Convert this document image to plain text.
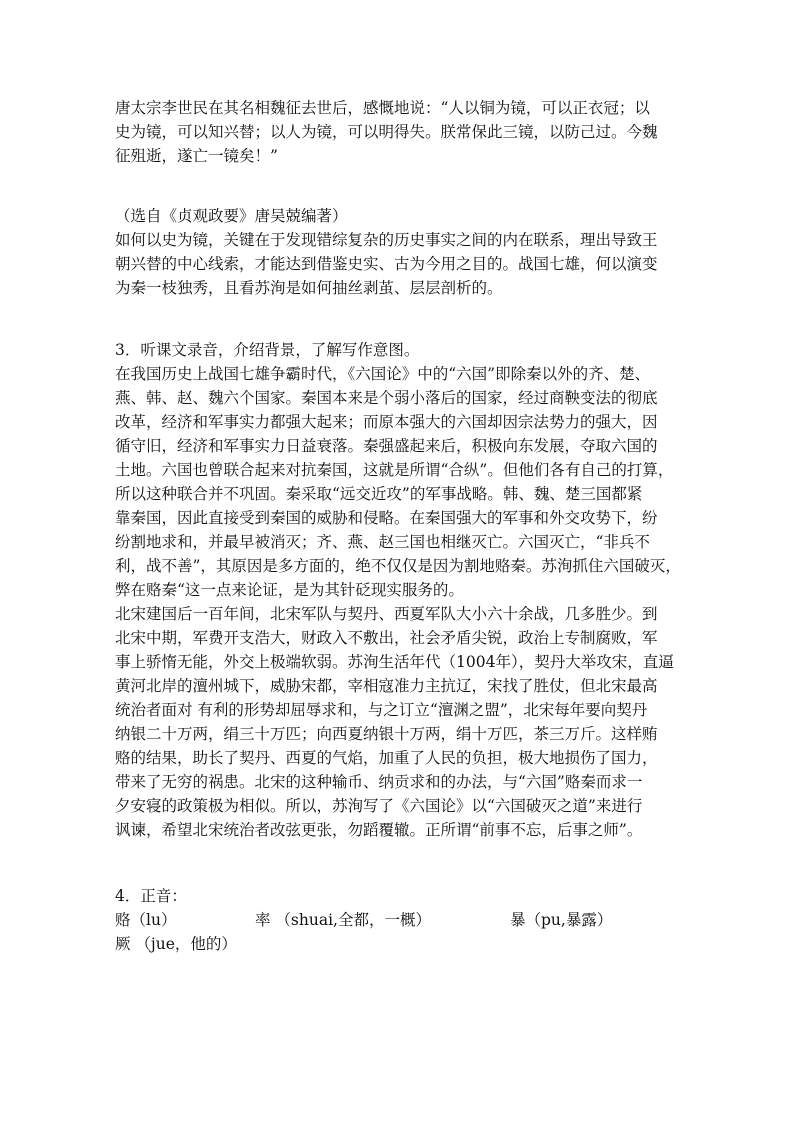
唐太宗李世民在其名相魏征去世后，感慨地说：“人以铜为镜，可以正衣冠；以
史为镜，可以知兴替；以人为镜，可以明得失。朕常保此三镜，以防己过。今魏
征殂逝，遂亡一镜矣！”
（选自《贞观政要》唐吴兢编著）
如何以史为镜，关键在于发现错综复杂的历史事实之间的内在联系，理出导致王
朝兴替的中心线索，才能达到借鉴史实、古为今用之目的。战国七雄，何以演变
为秦一枝独秀，且看苏洵是如何抽丝剥茧、层层剖析的。
3．听课文录音，介绍背景，了解写作意图。
在我国历史上战国七雄争霸时代，《六国论》中的“六国”即除秦以外的齐、楚、
燕、韩、赵、魏六个国家。秦国本来是个弱小落后的国家，经过商鞅变法的彻底
改革，经济和军事实力都强大起来；而原本强大的六国却因宗法势力的强大，因
循守旧，经济和军事实力日益衰落。秦强盛起来后，积极向东发展，夺取六国的
土地。六国也曾联合起来对抗秦国，这就是所谓“合纵”。但他们各有自己的打算，
所以这种联合并不巩固。秦采取“远交近攻”的军事战略。韩、魏、楚三国都紧
靠秦国，因此直接受到秦国的威胁和侵略。在秦国强大的军事和外交攻势下，纷
纷割地求和，并最早被消灭；齐、燕、赵三国也相继灭亡。六国灭亡，“非兵不
利，战不善”，其原因是多方面的，绝不仅仅是因为割地赂秦。苏洵抓住六国破灭，
弊在赂秦“这一点来论证，是为其针砭现实服务的。
北宋建国后一百年间，北宋军队与契丹、西夏军队大小六十余战，几多胜少。到
北宋中期，军费开支浩大，财政入不敷出，社会矛盾尖锐，政治上专制腐败，军
事上骄惰无能，外交上极端软弱。苏洵生活年代（1004年），契丹大举攻宋，直逼
黄河北岸的澶州城下，威胁宋都，宰相寇准力主抗辽，宋找了胜仗，但北宋最高
统治者面对 有利的形势却屈辱求和，与之订立“澶渊之盟”，北宋每年要向契丹
纳银二十万两，绢三十万匹；向西夏纳银十万两，绢十万匹，茶三万斤。这样贿
赂的结果，助长了契丹、西夏的气焰，加重了人民的负担，极大地损伤了国力，
带来了无穷的祸患。北宋的这种输币、纳贡求和的办法，与“六国”赂秦而求一
夕安寝的政策极为相似。所以，苏洵写了《六国论》以“六国破灭之道”来进行
讽谏，希望北宋统治者改弦更张，勿蹈覆辙。正所谓“前事不忘，后事之师”。
4．正音：
赂（lu）	率 （shuai,全都，一概）	暴（pu,暴露）
厥 （jue，他的）
